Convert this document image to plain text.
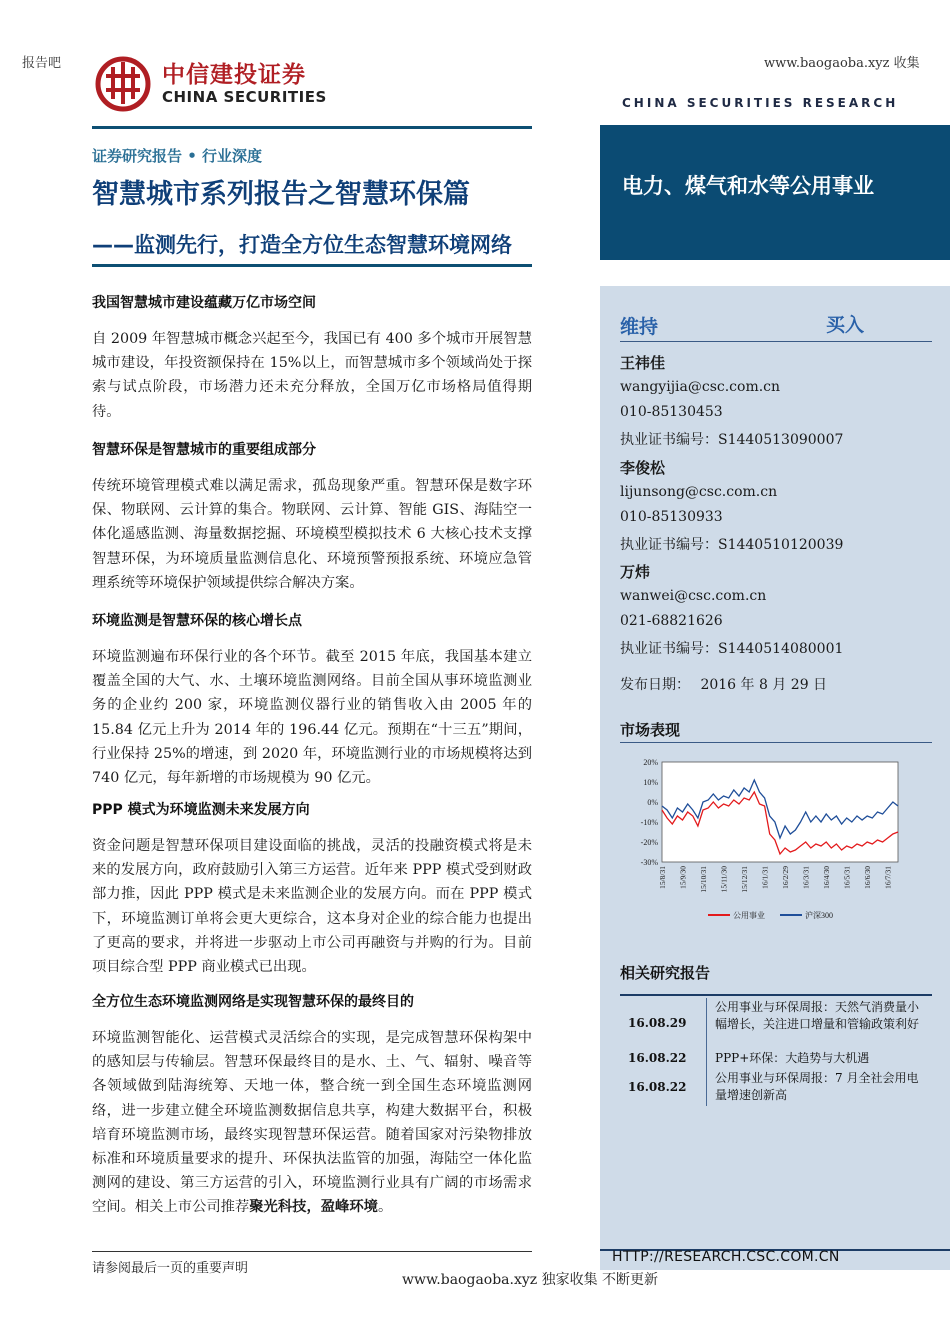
报告吧	www.baogaoba.xyz 收集
中信建投证券
CHINA SECURITIES	CHINA SECURITIES RESEARCH
证券研究报告 • 行业深度
智慧城市系列报告之智慧环保篇
——监测先行，打造全方位生态智慧环境网络
电力、煤气和水等公用事业
我国智慧城市建设蕴藏万亿市场空间

自 2009 年智慧城市概念兴起至今，我国已有 400 多个城市开展智慧城市建设，年投资额保持在 15%以上，而智慧城市多个领域尚处于探索与试点阶段，市场潜力还未充分释放，全国万亿市场格局值得期待。

智慧环保是智慧城市的重要组成部分

传统环境管理模式难以满足需求，孤岛现象严重。智慧环保是数字环保、物联网、云计算的集合。物联网、云计算、智能 GIS、海陆空一体化遥感监测、海量数据挖掘、环境模型模拟技术 6 大核心技术支撑智慧环保，为环境质量监测信息化、环境预警预报系统、环境应急管理系统等环境保护领域提供综合解决方案。

环境监测是智慧环保的核心增长点

环境监测遍布环保行业的各个环节。截至 2015 年底，我国基本建立覆盖全国的大气、水、土壤环境监测网络。目前全国从事环境监测业务的企业约 200 家，环境监测仪器行业的销售收入由 2005 年的 15.84 亿元上升为 2014 年的 196.44 亿元。预期在“十三五”期间，行业保持 25%的增速，到 2020 年，环境监测行业的市场规模将达到 740 亿元，每年新增的市场规模为 90 亿元。

PPP 模式为环境监测未来发展方向

资金问题是智慧环保项目建设面临的挑战，灵活的投融资模式将是未来的发展方向，政府鼓励引入第三方运营。近年来 PPP 模式受到财政部力推，因此 PPP 模式是未来监测企业的发展方向。而在 PPP 模式下，环境监测订单将会更大更综合，这本身对企业的综合能力也提出了更高的要求，并将进一步驱动上市公司再融资与并购的行为。目前项目综合型 PPP 商业模式已出现。

全方位生态环境监测网络是实现智慧环保的最终目的

环境监测智能化、运营模式灵活综合的实现，是完成智慧环保构架中的感知层与传输层。智慧环保最终目的是水、土、气、辐射、噪音等各领域做到陆海统筹、天地一体，整合统一到全国生态环境监测网络，进一步建立健全环境监测数据信息共享，构建大数据平台，积极培育环境监测市场，最终实现智慧环保运营。随着国家对污染物排放标准和环境质量要求的提升、环保执法监管的加强，海陆空一体化监测网的建设、第三方运营的引入，环境监测行业具有广阔的市场需求空间。相关上市公司推荐聚光科技，盈峰环境。

维持	买入
王祎佳
wangyijia@csc.com.cn
010-85130453
执业证书编号：S1440513090007
李俊松
lijunsong@csc.com.cn
010-85130933
执业证书编号：S1440510120039
万炜
wanwei@csc.com.cn
021-68821626
执业证书编号：S1440514080001
发布日期： 2016 年 8 月 29 日
市场表现
20%
10%
0%
-10%
-20%
-30%
15/8/31 15/9/30 15/10/31 15/11/30 15/12/31 16/1/31 16/2/29 16/3/31 16/4/30 16/5/31 16/6/30 16/7/31
公用事业	沪深300
相关研究报告
16.08.29
公用事业与环保周报：天然气消费量小幅增长，关注进口增量和管输政策利好
16.08.22 PPP+环保：大趋势与大机遇
16.08.22
公用事业与环保周报：7 月全社会用电量增速创新高
请参阅最后一页的重要声明
HTTP://RESEARCH.CSC.COM.CN
www.baogaoba.xyz 独家收集 不断更新
